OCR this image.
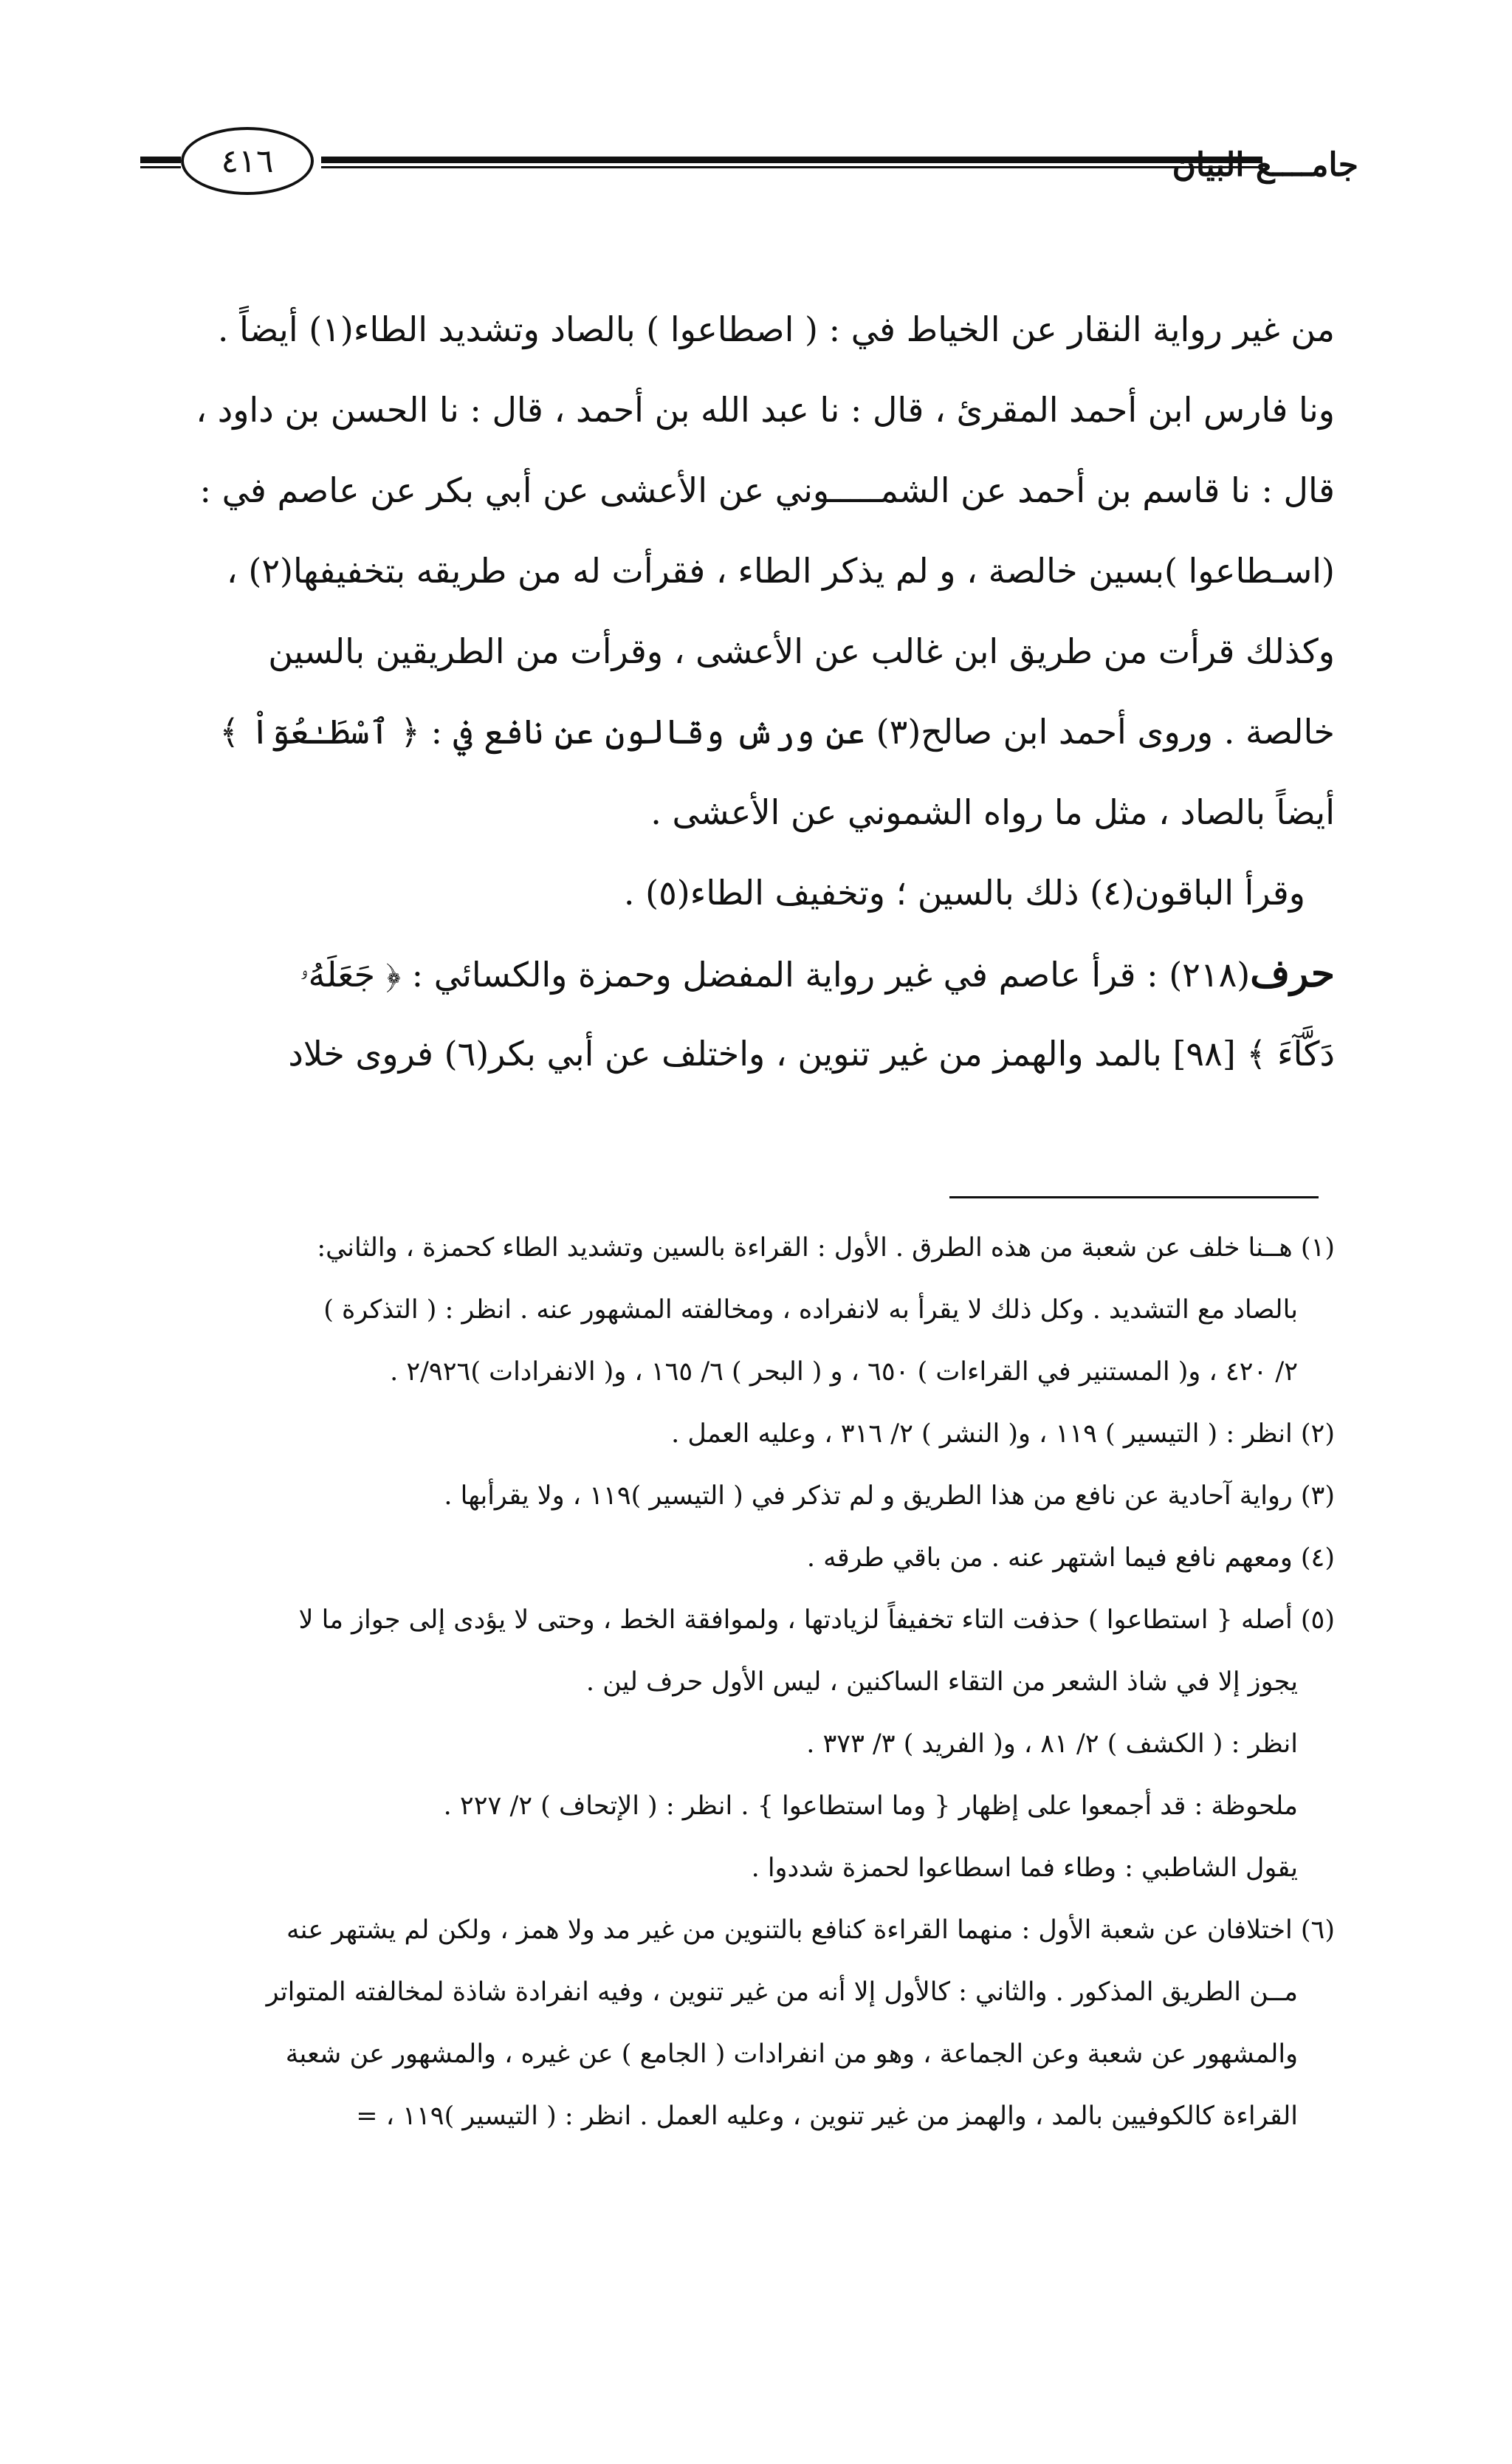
٤١٦	جامــــع البيان
من غير رواية النقار عن الخياط في : ( اصطاعوا ) بالصاد وتشديد الطاء(١) أيضاً .
ونا فارس ابن أحمد المقرئ ، قال : نا عبد الله بن أحمد ، قال : نا الحسن بن داود ،
قال : نا قاسم بن أحمد عن الشمـــــوني عن الأعشى عن أبي بكر عن عاصم في :
(اسـطاعوا )بسين خالصة ، و لم يذكر الطاء ، فقرأت له من طريقه بتخفيفها(٢) ،
وكذلك قرأت من طريق ابن غالب عن الأعشى ، وقرأت من الطريقين بالسين
خالصة . وروى أحمد ابن صالح(٣) عن ورش وقالون عن نافع في : ﴿ ٱسْطَـٰعُوٓاْ ﴾
أيضاً بالصاد ، مثل ما رواه الشموني عن الأعشى .
وقرأ الباقون(٤) ذلك بالسين ؛ وتخفيف الطاء(٥) .
حرف(٢١٨) : قرأ عاصم في غير رواية المفضل وحمزة والكسائي : ﴿ جَعَلَهُۥ
دَكَّآءَ ﴾ [٩٨] بالمد والهمز من غير تنوين ، واختلف عن أبي بكر(٦) فروى خلاد
(١) هــنا خلف عن شعبة من هذه الطرق . الأول : القراءة بالسين وتشديد الطاء كحمزة ، والثاني:
بالصاد مع التشديد . وكل ذلك لا يقرأ به لانفراده ، ومخالفته المشهور عنه . انظر : ( التذكرة )
٢/ ٤٢٠ ، و( المستنير في القراءات ) ٦٥٠ ، و ( البحر ) ٦/ ١٦٥ ، و( الانفرادات )٢/٩٢٦ .
(٢) انظر : ( التيسير ) ١١٩ ، و( النشر ) ٢/ ٣١٦ ، وعليه العمل .
(٣) رواية آحادية عن نافع من هذا الطريق و لم تذكر في ( التيسير )١١٩ ، ولا يقرأبها .
(٤) ومعهم نافع فيما اشتهر عنه . من باقي طرقه .
(٥) أصله { استطاعوا ) حذفت التاء تخفيفاً لزيادتها ، ولموافقة الخط ، وحتى لا يؤدى إلى جواز ما لا
يجوز إلا في شاذ الشعر من التقاء الساكنين ، ليس الأول حرف لين .
انظر : ( الكشف ) ٢/ ٨١ ، و( الفريد ) ٣/ ٣٧٣ .
ملحوظة : قد أجمعوا على إظهار { وما استطاعوا } . انظر : ( الإتحاف ) ٢/ ٢٢٧ .
يقول الشاطبي : وطاء فما اسطاعوا لحمزة شددوا .
(٦) اختلافان عن شعبة الأول : منهما القراءة كنافع بالتنوين من غير مد ولا همز ، ولكن لم يشتهر عنه
مــن الطريق المذكور . والثاني : كالأول إلا أنه من غير تنوين ، وفيه انفرادة شاذة لمخالفته المتواتر
والمشهور عن شعبة وعن الجماعة ، وهو من انفرادات ( الجامع ) عن غيره ، والمشهور عن شعبة
القراءة كالكوفيين بالمد ، والهمز من غير تنوين ، وعليه العمل . انظر : ( التيسير )١١٩ ، =
